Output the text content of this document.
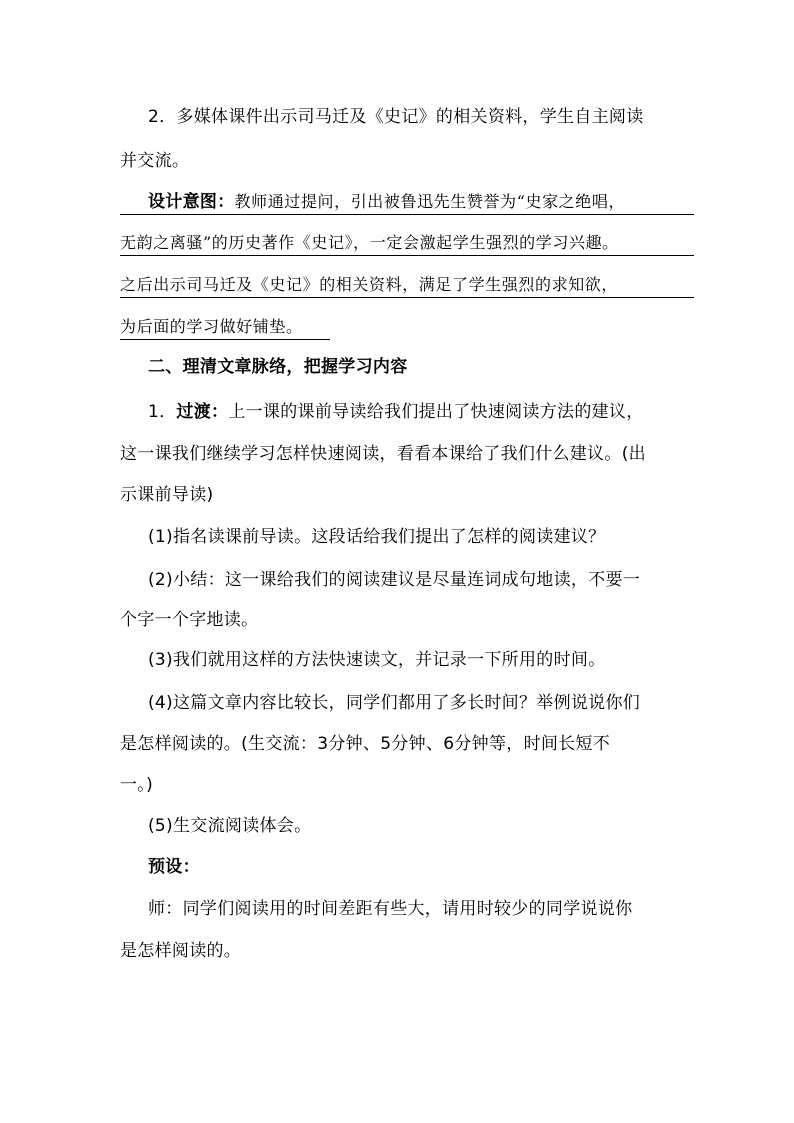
2．多媒体课件出示司马迁及《史记》的相关资料，学生自主阅读
并交流。
设计意图：教师通过提问，引出被鲁迅先生赞誉为“史家之绝唱，
无韵之离骚”的历史著作《史记》，一定会激起学生强烈的学习兴趣。
之后出示司马迁及《史记》的相关资料，满足了学生强烈的求知欲，
为后面的学习做好铺垫。
二、理清文章脉络，把握学习内容
1．过渡：上一课的课前导读给我们提出了快速阅读方法的建议，
这一课我们继续学习怎样快速阅读，看看本课给了我们什么建议。(出
示课前导读)
(1)指名读课前导读。这段话给我们提出了怎样的阅读建议？
(2)小结：这一课给我们的阅读建议是尽量连词成句地读，不要一
个字一个字地读。
(3)我们就用这样的方法快速读文，并记录一下所用的时间。
(4)这篇文章内容比较长，同学们都用了多长时间？举例说说你们
是怎样阅读的。(生交流：3分钟、5分钟、6分钟等，时间长短不
一。)
(5)生交流阅读体会。
预设：
师：同学们阅读用的时间差距有些大，请用时较少的同学说说你
是怎样阅读的。
